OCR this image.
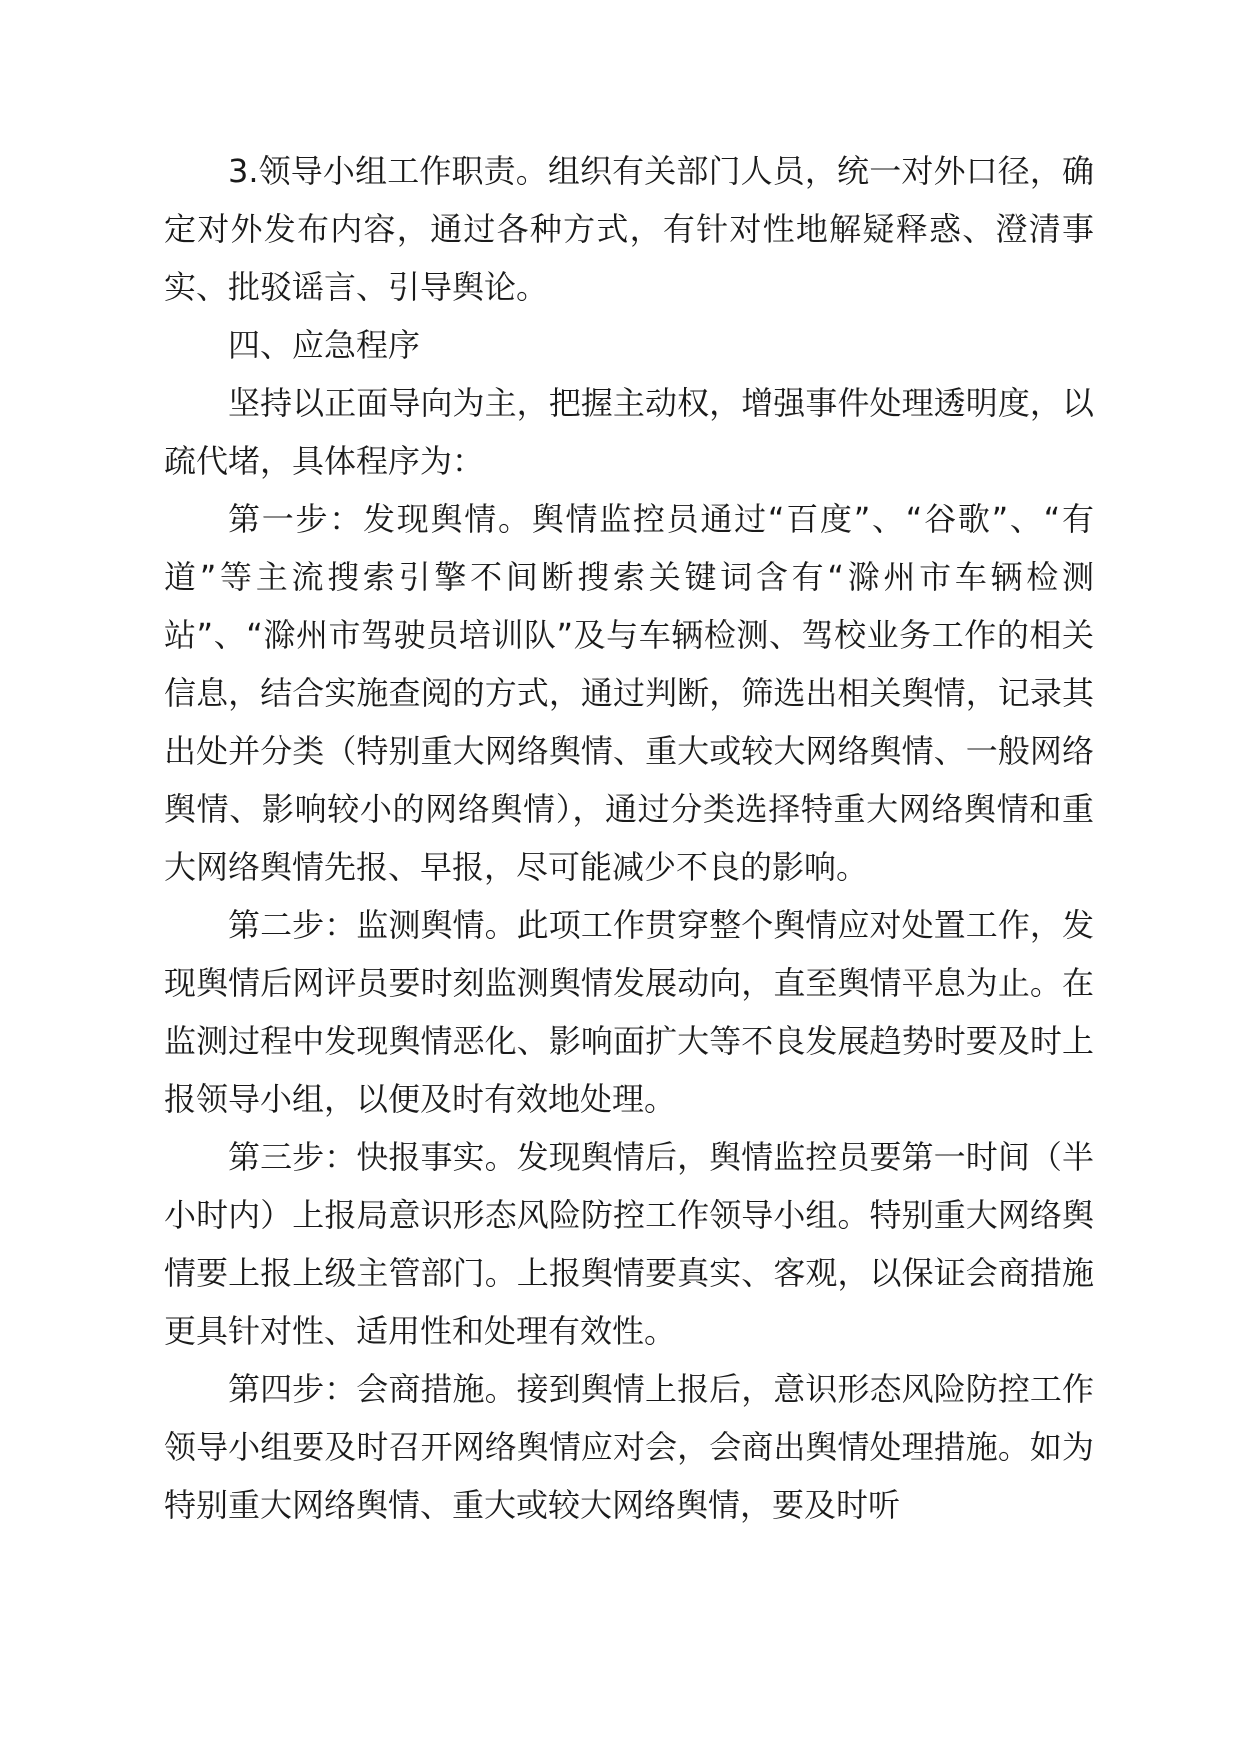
3.领导小组工作职责。组织有关部门人员，统一对外口径，确定对外发布内容，通过各种方式，有针对性地解疑释惑、澄清事实、批驳谣言、引导舆论。

四、应急程序

坚持以正面导向为主，把握主动权，增强事件处理透明度，以疏代堵，具体程序为：

第一步：发现舆情。舆情监控员通过“百度”、“谷歌”、“有道”等主流搜索引擎不间断搜索关键词含有“滁州市车辆检测站”、“滁州市驾驶员培训队”及与车辆检测、驾校业务工作的相关信息，结合实施查阅的方式，通过判断，筛选出相关舆情，记录其出处并分类（特别重大网络舆情、重大或较大网络舆情、一般网络舆情、影响较小的网络舆情），通过分类选择特重大网络舆情和重大网络舆情先报、早报，尽可能减少不良的影响。

第二步：监测舆情。此项工作贯穿整个舆情应对处置工作，发现舆情后网评员要时刻监测舆情发展动向，直至舆情平息为止。在监测过程中发现舆情恶化、影响面扩大等不良发展趋势时要及时上报领导小组，以便及时有效地处理。

第三步：快报事实。发现舆情后，舆情监控员要第一时间（半小时内）上报局意识形态风险防控工作领导小组。特别重大网络舆情要上报上级主管部门。上报舆情要真实、客观，以保证会商措施更具针对性、适用性和处理有效性。

第四步：会商措施。接到舆情上报后，意识形态风险防控工作领导小组要及时召开网络舆情应对会，会商出舆情处理措施。如为特别重大网络舆情、重大或较大网络舆情，要及时听
